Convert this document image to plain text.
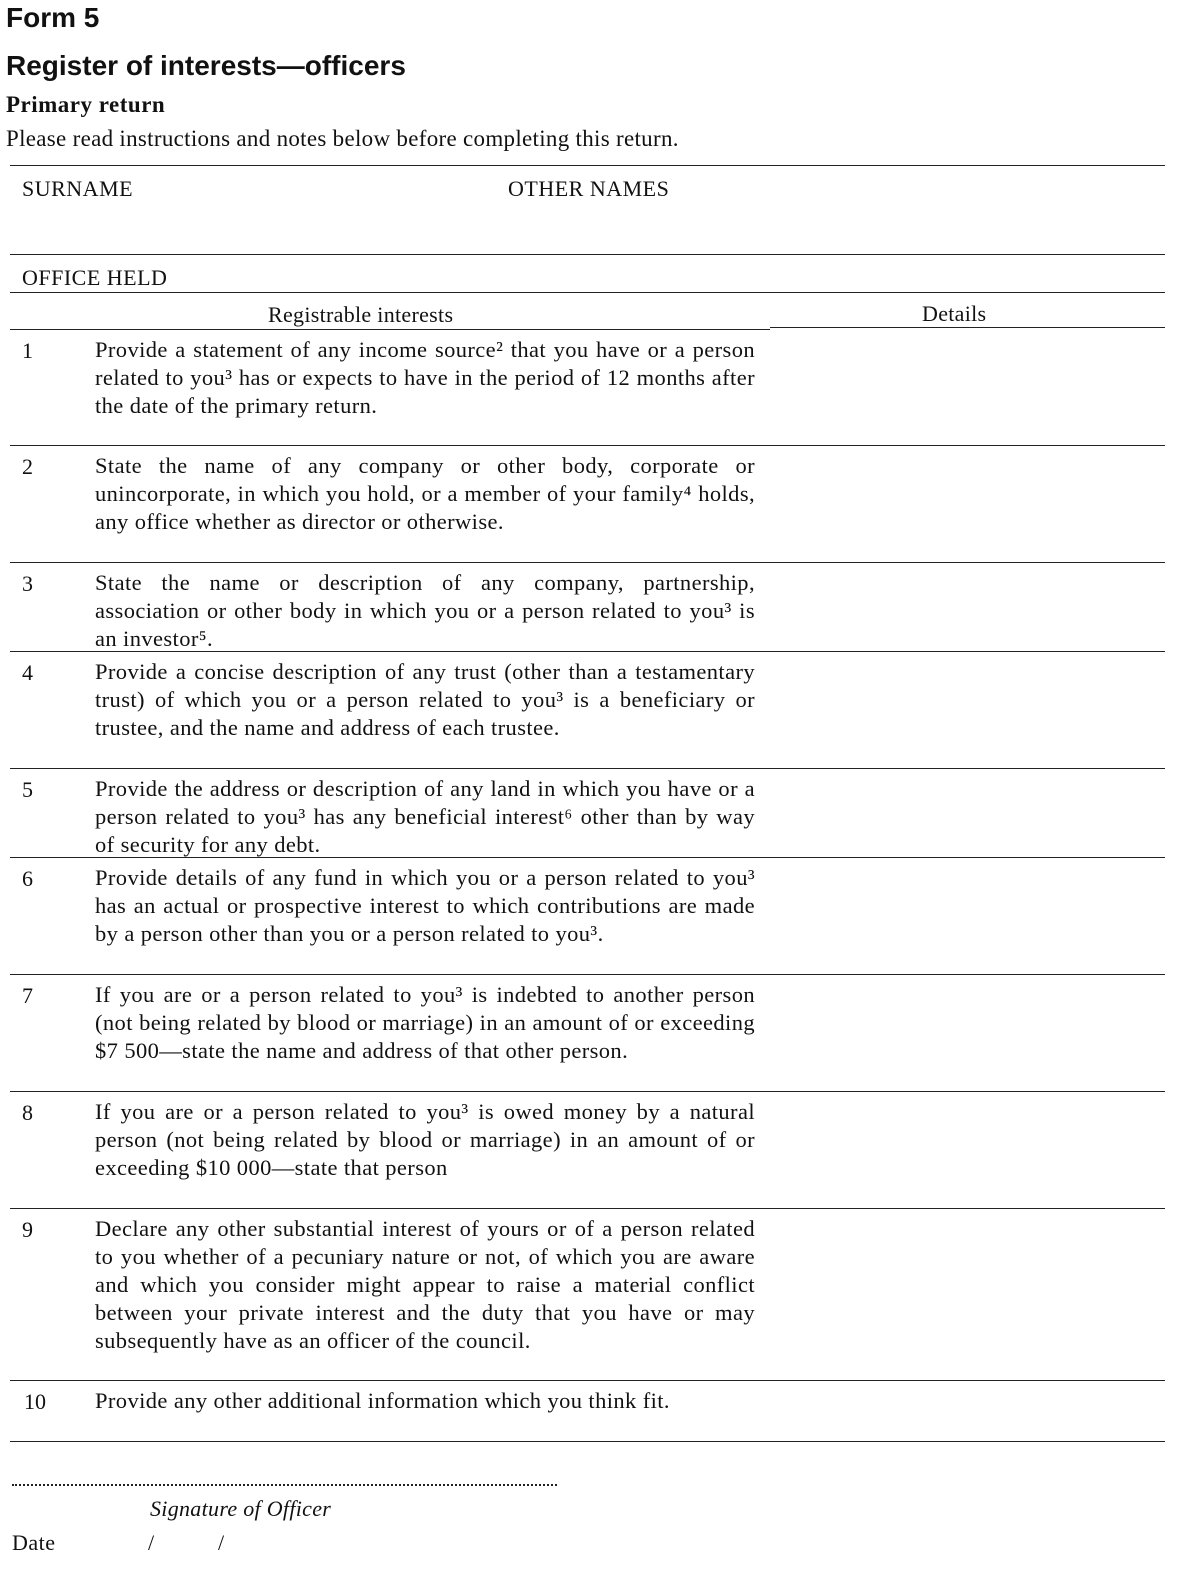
Form 5
Register of interests—officers
Primary return
Please read instructions and notes below before completing this return.
SURNAME	OTHER NAMES
OFFICE HELD
Registrable interests	Details
1	Provide a statement of any income source² that you have or a person related to you³ has or expects to have in the period of 12 months after the date of the primary return.
2	State the name of any company or other body, corporate or unincorporate, in which you hold, or a member of your family⁴ holds, any office whether as director or otherwise.
3	State the name or description of any company, partnership, association or other body in which you or a person related to you³ is an investor⁵.
4	Provide a concise description of any trust (other than a testamentary trust) of which you or a person related to you³ is a beneficiary or trustee, and the name and address of each trustee.
5	Provide the address or description of any land in which you have or a person related to you³ has any beneficial interest⁶ other than by way of security for any debt.
6	Provide details of any fund in which you or a person related to you³ has an actual or prospective interest to which contributions are made by a person other than you or a person related to you³.
7	If you are or a person related to you³ is indebted to another person (not being related by blood or marriage) in an amount of or exceeding $7 500—state the name and address of that other person.
8	If you are or a person related to you³ is owed money by a natural person (not being related by blood or marriage) in an amount of or exceeding $10 000—state that person
9	Declare any other substantial interest of yours or of a person related to you whether of a pecuniary nature or not, of which you are aware and which you consider might appear to raise a material conflict between your private interest and the duty that you have or may subsequently have as an officer of the council.
10 Provide any other additional information which you think fit.
Signature of Officer
Date	/	/
